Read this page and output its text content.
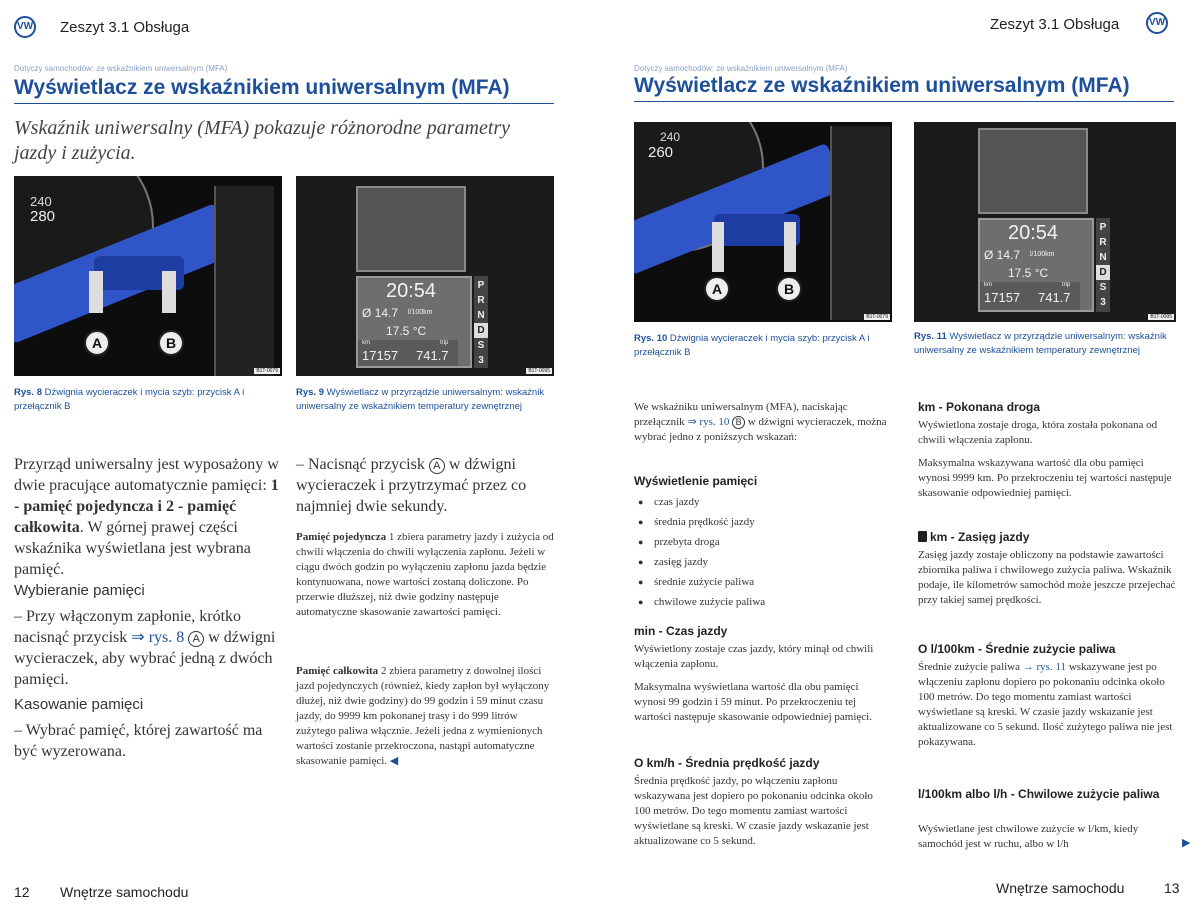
VW Zeszyt 3.1 Obsługa
Dotyczy samochodów: ze wskaźnikiem uniwersalnym (MFA)
Wyświetlacz ze wskaźnikiem uniwersalnym (MFA)
Wskaźnik uniwersalny (MFA) pokazuje różnorodne parametry jazdy i zużycia.
240
280
A	B
B1T-0079
Rys. 8 Dźwignia wycieraczek i mycia szyb: przycisk A i przełącznik B
20:54
Ø 14.7 l/100km
17.5 °C
km	trip
17157 741.7
P
R
N
D
S
3
B1T-0095
Rys. 9 Wyświetlacz w przyrządzie uniwersalnym: wskaźnik uniwersalny ze wskaźnikiem temperatury zewnętrznej
Przyrząd uniwersalny jest wyposażony w dwie pracujące automatycznie pamięci: 1 - pamięć pojedyncza i 2 - pamięć całkowita. W górnej prawej części wskaźnika wyświetlana jest wybrana pamięć.
Wybieranie pamięci
– Przy włączonym zapłonie, krótko nacisnąć przycisk ⇒ rys. 8 A w dźwigni wycieraczek, aby wybrać jedną z dwóch pamięci.
Kasowanie pamięci
– Wybrać pamięć, której zawartość ma być wyzerowana.
– Nacisnąć przycisk A w dźwigni wycieraczek i przytrzymać przez co najmniej dwie sekundy.
Pamięć pojedyncza 1 zbiera parametry jazdy i zużycia od chwili włączenia do chwili wyłączenia zapłonu. Jeżeli w ciągu dwóch godzin po wyłączeniu zapłonu jazda będzie kontynuowana, nowe wartości zostaną doliczone. Po przerwie dłuższej, niż dwie godziny następuje automatyczne skasowanie zawartości pamięci.
Pamięć całkowita 2 zbiera parametry z dowolnej ilości jazd pojedynczych (również, kiedy zapłon był wyłączony dłużej, niż dwie godziny) do 99 godzin i 59 minut czasu jazdy, do 9999 km pokonanej trasy i do 999 litrów zużytego paliwa włącznie. Jeżeli jedna z wymienionych wartości zostanie przekroczona, nastąpi automatyczne skasowanie pamięci. ◀
12 Wnętrze samochodu
Zeszyt 3.1 Obsługa	VW
Dotyczy samochodów: ze wskaźnikiem uniwersalnym (MFA)
Wyświetlacz ze wskaźnikiem uniwersalnym (MFA)
240
260
A	B
B1T-0079
Rys. 10 Dźwignia wycieraczek i mycia szyb: przycisk A i przełącznik B
20:54
Ø 14.7 l/100km
17.5 °C
km	trip
17157 741.7
P
R
N
D
S
3
B1T-0095
Rys. 11 Wyświetlacz w przyrządzie uniwersalnym: wskaźnik uniwersalny ze wskaźnikiem temperatury zewnętrznej
We wskaźniku uniwersalnym (MFA), naciskając przełącznik ⇒ rys. 10 B w dźwigni wycieraczek, można wybrać jedno z poniższych wskazań:
Wyświetlenie pamięci
● czas jazdy
● średnia prędkość jazdy
● przebyta droga
● zasięg jazdy
● średnie zużycie paliwa
● chwilowe zużycie paliwa
min - Czas jazdy
Wyświetlony zostaje czas jazdy, który minął od chwili włączenia zapłonu.
Maksymalna wyświetlana wartość dla obu pamięci wynosi 99 godzin i 59 minut. Po przekroczeniu tej wartości następuje skasowanie odpowiedniej pamięci.
O km/h - Średnia prędkość jazdy
Średnia prędkość jazdy, po włączeniu zapłonu wskazywana jest dopiero po pokonaniu odcinka około 100 metrów. Do tego momentu zamiast wartości wyświetlane są kreski. W czasie jazdy wskazanie jest aktualizowane co 5 sekund.
km - Pokonana droga
Wyświetlona zostaje droga, która została pokonana od chwili włączenia zapłonu.
Maksymalna wskazywana wartość dla obu pamięci wynosi 9999 km. Po przekroczeniu tej wartości następuje skasowanie odpowiedniej pamięci.
km - Zasięg jazdy
Zasięg jazdy zostaje obliczony na podstawie zawartości zbiornika paliwa i chwilowego zużycia paliwa. Wskaźnik podaje, ile kilometrów samochód może jeszcze przejechać przy takiej samej prędkości.
O l/100km - Średnie zużycie paliwa
Średnie zużycie paliwa → rys. 11 wskazywane jest po włączeniu zapłonu dopiero po pokonaniu odcinka około 100 metrów. Do tego momentu zamiast wartości wyświetlane są kreski. W czasie jazdy wskazanie jest aktualizowane co 5 sekund. Ilość zużytego paliwa nie jest pokazywana.
l/100km albo l/h - Chwilowe zużycie paliwa
Wyświetlane jest chwilowe zużycie w l/km, kiedy samochód jest w ruchu, albo w l/h	▶
Wnętrze samochodu	13
